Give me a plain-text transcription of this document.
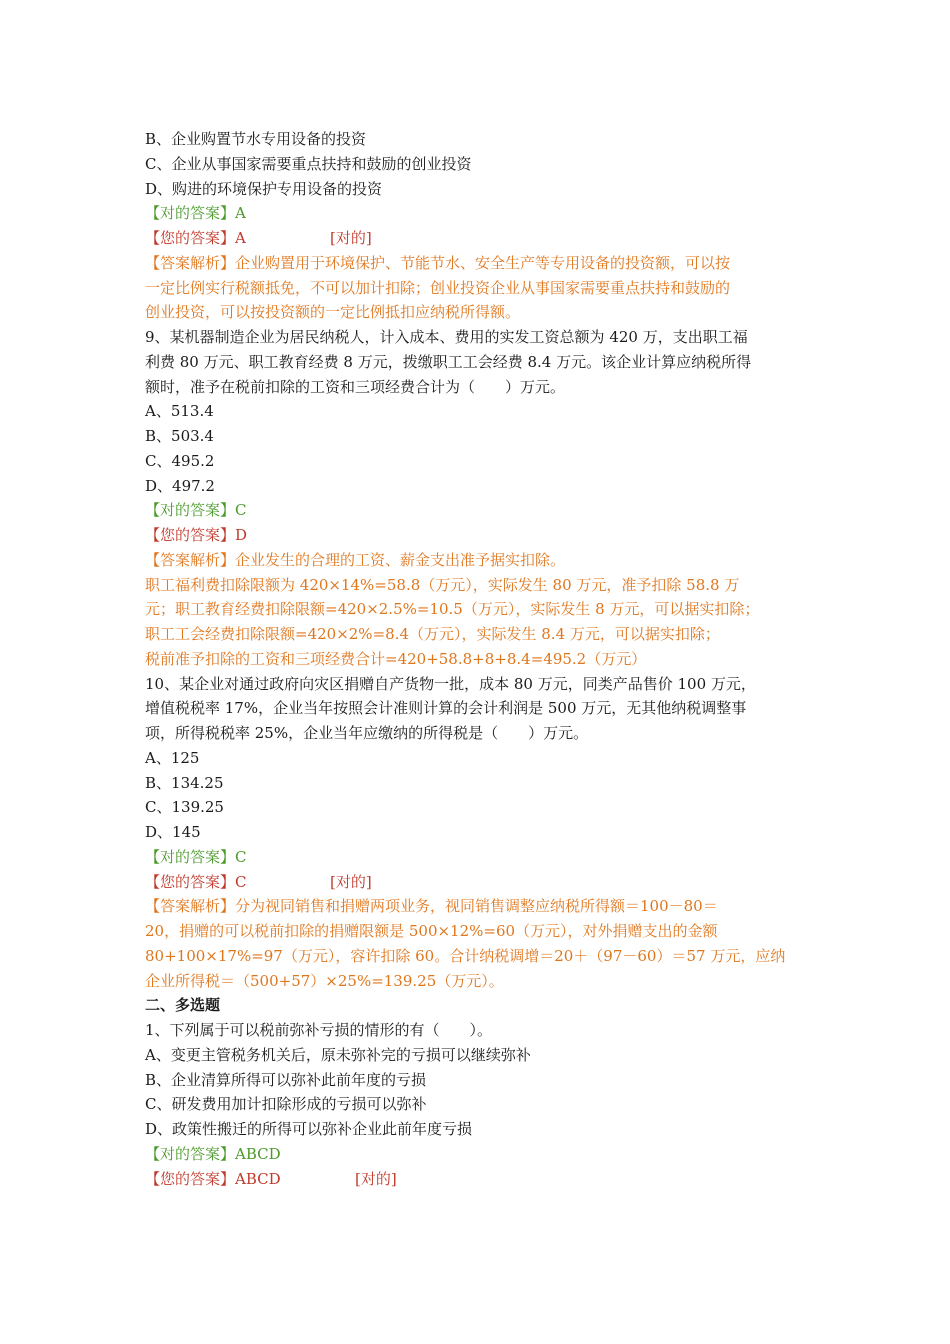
B、企业购置节水专用设备的投资
C、企业从事国家需要重点扶持和鼓励的创业投资
D、购进的环境保护专用设备的投资
【对的答案】A
【您的答案】A	[对的]
【答案解析】企业购置用于环境保护、节能节水、安全生产等专用设备的投资额，可以按
一定比例实行税额抵免，不可以加计扣除；创业投资企业从事国家需要重点扶持和鼓励的
创业投资，可以按投资额的一定比例抵扣应纳税所得额。
9、某机器制造企业为居民纳税人，计入成本、费用的实发工资总额为 420 万，支出职工福
利费 80 万元、职工教育经费 8 万元，拨缴职工工会经费 8.4 万元。该企业计算应纳税所得
额时，准予在税前扣除的工资和三项经费合计为（　　）万元。
A、513.4
B、503.4
C、495.2
D、497.2
【对的答案】C
【您的答案】D
【答案解析】企业发生的合理的工资、薪金支出准予据实扣除。
职工福利费扣除限额为 420×14%=58.8（万元），实际发生 80 万元，准予扣除 58.8 万
元；职工教育经费扣除限额=420×2.5%=10.5（万元），实际发生 8 万元，可以据实扣除；
职工工会经费扣除限额=420×2%=8.4（万元），实际发生 8.4 万元，可以据实扣除；
税前准予扣除的工资和三项经费合计=420+58.8+8+8.4=495.2（万元）
10、某企业对通过政府向灾区捐赠自产货物一批，成本 80 万元，同类产品售价 100 万元，
增值税税率 17%，企业当年按照会计准则计算的会计利润是 500 万元，无其他纳税调整事
项，所得税税率 25%，企业当年应缴纳的所得税是（　　）万元。
A、125
B、134.25
C、139.25
D、145
【对的答案】C
【您的答案】C	[对的]
【答案解析】分为视同销售和捐赠两项业务，视同销售调整应纳税所得额＝100－80＝
20，捐赠的可以税前扣除的捐赠限额是 500×12%=60（万元），对外捐赠支出的金额
80+100×17%=97（万元），容许扣除 60。合计纳税调增＝20＋（97－60）＝57 万元，应纳
企业所得税＝（500+57）×25%=139.25（万元）。
二、多选题
1、下列属于可以税前弥补亏损的情形的有（　　）。
A、变更主管税务机关后，原未弥补完的亏损可以继续弥补
B、企业清算所得可以弥补此前年度的亏损
C、研发费用加计扣除形成的亏损可以弥补
D、政策性搬迁的所得可以弥补企业此前年度亏损
【对的答案】ABCD
【您的答案】ABCD	[对的]
